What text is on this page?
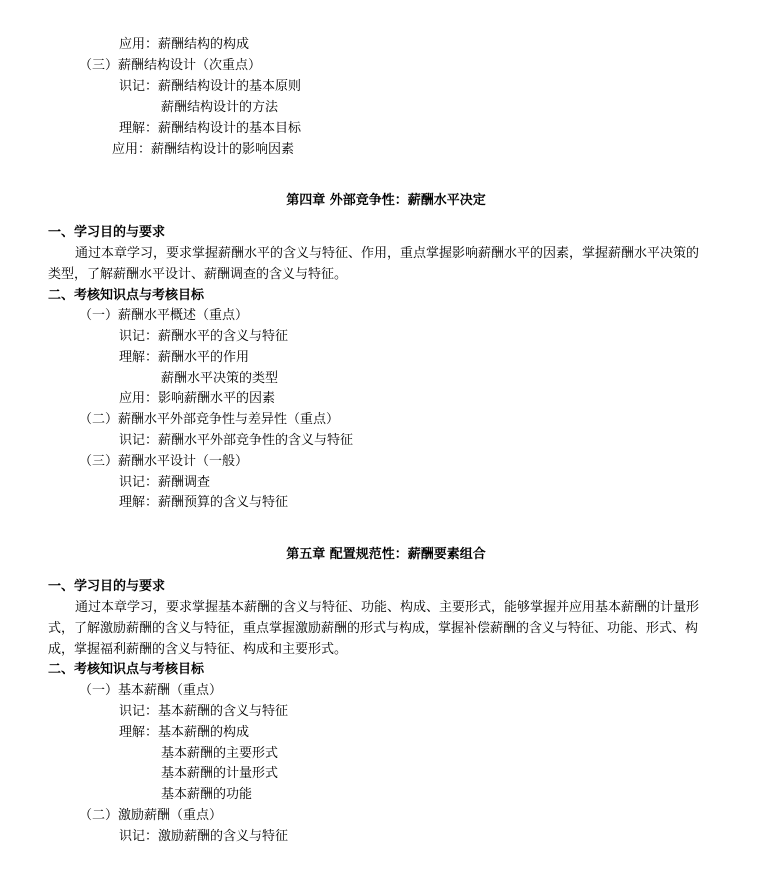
应用：薪酬结构的构成
（三）薪酬结构设计（次重点）
识记：薪酬结构设计的基本原则
薪酬结构设计的方法
理解：薪酬结构设计的基本目标
应用：薪酬结构设计的影响因素
第四章 外部竞争性：薪酬水平决定
一、学习目的与要求
通过本章学习，要求掌握薪酬水平的含义与特征、作用，重点掌握影响薪酬水平的因素，掌握薪酬水平决策的
类型，了解薪酬水平设计、薪酬调查的含义与特征。
二、考核知识点与考核目标
（一）薪酬水平概述（重点）
识记：薪酬水平的含义与特征
理解：薪酬水平的作用
薪酬水平决策的类型
应用：影响薪酬水平的因素
（二）薪酬水平外部竞争性与差异性（重点）
识记：薪酬水平外部竞争性的含义与特征
（三）薪酬水平设计（一般）
识记：薪酬调查
理解：薪酬预算的含义与特征
第五章 配置规范性：薪酬要素组合
一、学习目的与要求
通过本章学习，要求掌握基本薪酬的含义与特征、功能、构成、主要形式，能够掌握并应用基本薪酬的计量形
式，了解激励薪酬的含义与特征，重点掌握激励薪酬的形式与构成，掌握补偿薪酬的含义与特征、功能、形式、构
成，掌握福利薪酬的含义与特征、构成和主要形式。
二、考核知识点与考核目标
（一）基本薪酬（重点）
识记：基本薪酬的含义与特征
理解：基本薪酬的构成
基本薪酬的主要形式
基本薪酬的计量形式
基本薪酬的功能
（二）激励薪酬（重点）
识记：激励薪酬的含义与特征
